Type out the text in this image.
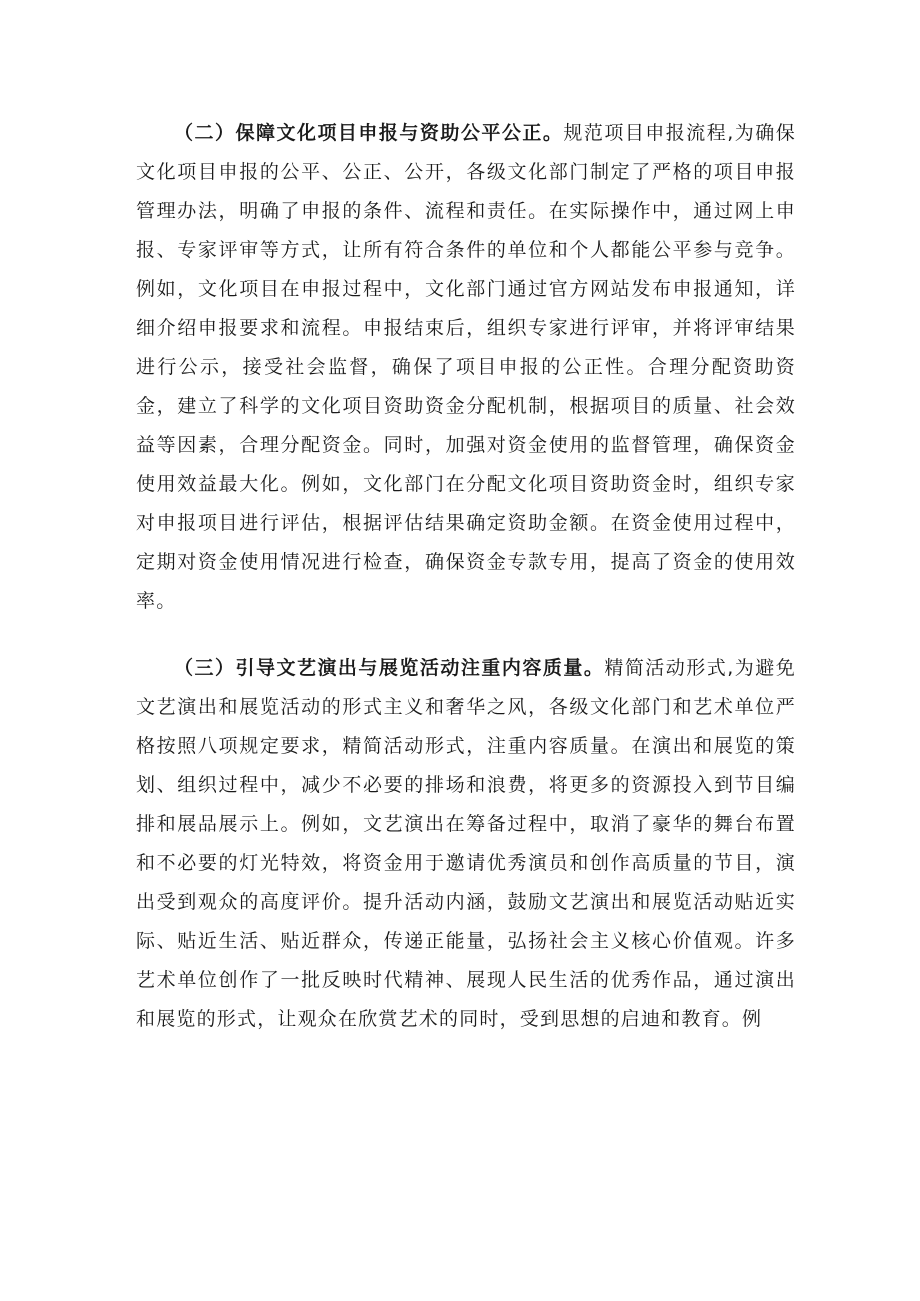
（二）保障文化项目申报与资助公平公正。规范项目申报流程,为确保文化项目申报的公平、公正、公开，各级文化部门制定了严格的项目申报管理办法，明确了申报的条件、流程和责任。在实际操作中，通过网上申报、专家评审等方式，让所有符合条件的单位和个人都能公平参与竞争。例如，文化项目在申报过程中，文化部门通过官方网站发布申报通知，详细介绍申报要求和流程。申报结束后，组织专家进行评审，并将评审结果进行公示，接受社会监督，确保了项目申报的公正性。合理分配资助资金，建立了科学的文化项目资助资金分配机制，根据项目的质量、社会效益等因素，合理分配资金。同时，加强对资金使用的监督管理，确保资金使用效益最大化。例如，文化部门在分配文化项目资助资金时，组织专家对申报项目进行评估，根据评估结果确定资助金额。在资金使用过程中，定期对资金使用情况进行检查，确保资金专款专用，提高了资金的使用效率。

（三）引导文艺演出与展览活动注重内容质量。精简活动形式,为避免文艺演出和展览活动的形式主义和奢华之风，各级文化部门和艺术单位严格按照八项规定要求，精简活动形式，注重内容质量。在演出和展览的策划、组织过程中，减少不必要的排场和浪费，将更多的资源投入到节目编排和展品展示上。例如，文艺演出在筹备过程中，取消了豪华的舞台布置和不必要的灯光特效，将资金用于邀请优秀演员和创作高质量的节目，演出受到观众的高度评价。提升活动内涵，鼓励文艺演出和展览活动贴近实际、贴近生活、贴近群众，传递正能量，弘扬社会主义核心价值观。许多艺术单位创作了一批反映时代精神、展现人民生活的优秀作品，通过演出和展览的形式，让观众在欣赏艺术的同时，受到思想的启迪和教育。例
